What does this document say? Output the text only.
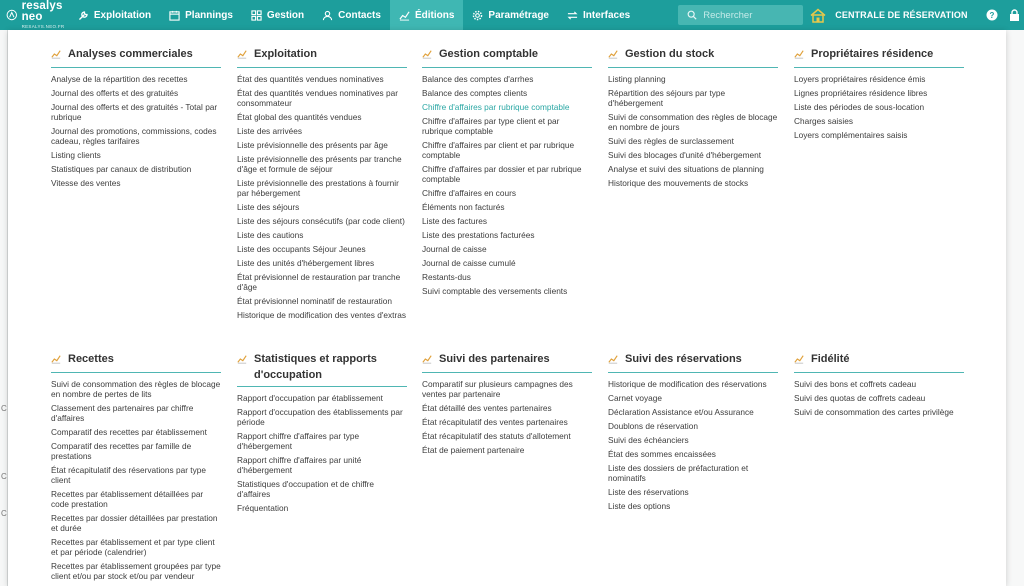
C
C
C
resalys neo
RESALYS.NEO.FR
Exploitation	Plannings	Gestion	Contacts	Éditions	Paramétrage	Interfaces
Rechercher	CENTRALE DE RÉSERVATION	?
Analyses commerciales
Analyse de la répartition des recettes
Journal des offerts et des gratuités
Journal des offerts et des gratuités - Total par rubrique
Journal des promotions, commissions, codes cadeau, règles tarifaires
Listing clients
Statistiques par canaux de distribution
Vitesse des ventes
Exploitation
État des quantités vendues nominatives
État des quantités vendues nominatives par consommateur
État global des quantités vendues
Liste des arrivées
Liste prévisionnelle des présents par âge
Liste prévisionnelle des présents par tranche d'âge et formule de séjour
Liste prévisionnelle des prestations à fournir par hébergement
Liste des séjours
Liste des séjours consécutifs (par code client)
Liste des cautions
Liste des occupants Séjour Jeunes
Liste des unités d'hébergement libres
État prévisionnel de restauration par tranche d'âge
État prévisionnel nominatif de restauration
Historique de modification des ventes d'extras
Gestion comptable
Balance des comptes d'arrhes
Balance des comptes clients
Chiffre d'affaires par rubrique comptable
Chiffre d'affaires par type client et par rubrique comptable
Chiffre d'affaires par client et par rubrique comptable
Chiffre d'affaires par dossier et par rubrique comptable
Chiffre d'affaires en cours
Éléments non facturés
Liste des factures
Liste des prestations facturées
Journal de caisse
Journal de caisse cumulé
Restants-dus
Suivi comptable des versements clients
Gestion du stock
Listing planning
Répartition des séjours par type d'hébergement
Suivi de consommation des règles de blocage en nombre de jours
Suivi des règles de surclassement
Suivi des blocages d'unité d'hébergement
Analyse et suivi des situations de planning
Historique des mouvements de stocks
Propriétaires résidence
Loyers propriétaires résidence émis
Lignes propriétaires résidence libres
Liste des périodes de sous-location
Charges saisies
Loyers complémentaires saisis
Recettes
Suivi de consommation des règles de blocage en nombre de pertes de lits
Classement des partenaires par chiffre d'affaires
Comparatif des recettes par établissement
Comparatif des recettes par famille de prestations
État récapitulatif des réservations par type client
Recettes par établissement détaillées par code prestation
Recettes par dossier détaillées par prestation et durée
Recettes par établissement et par type client et par période (calendrier)
Recettes par établissement groupées par type client et/ou par stock et/ou par vendeur
Statistiques et rapports d'occupation
Rapport d'occupation par établissement
Rapport d'occupation des établissements par période
Rapport chiffre d'affaires par type d'hébergement
Rapport chiffre d'affaires par unité d'hébergement
Statistiques d'occupation et de chiffre d'affaires
Fréquentation
Suivi des partenaires
Comparatif sur plusieurs campagnes des ventes par partenaire
État détaillé des ventes partenaires
État récapitulatif des ventes partenaires
État récapitulatif des statuts d'allotement
État de paiement partenaire
Suivi des réservations
Historique de modification des réservations
Carnet voyage
Déclaration Assistance et/ou Assurance
Doublons de réservation
Suivi des échéanciers
État des sommes encaissées
Liste des dossiers de préfacturation et nominatifs
Liste des réservations
Liste des options
Fidélité
Suivi des bons et coffrets cadeau
Suivi des quotas de coffrets cadeau
Suivi de consommation des cartes privilège
